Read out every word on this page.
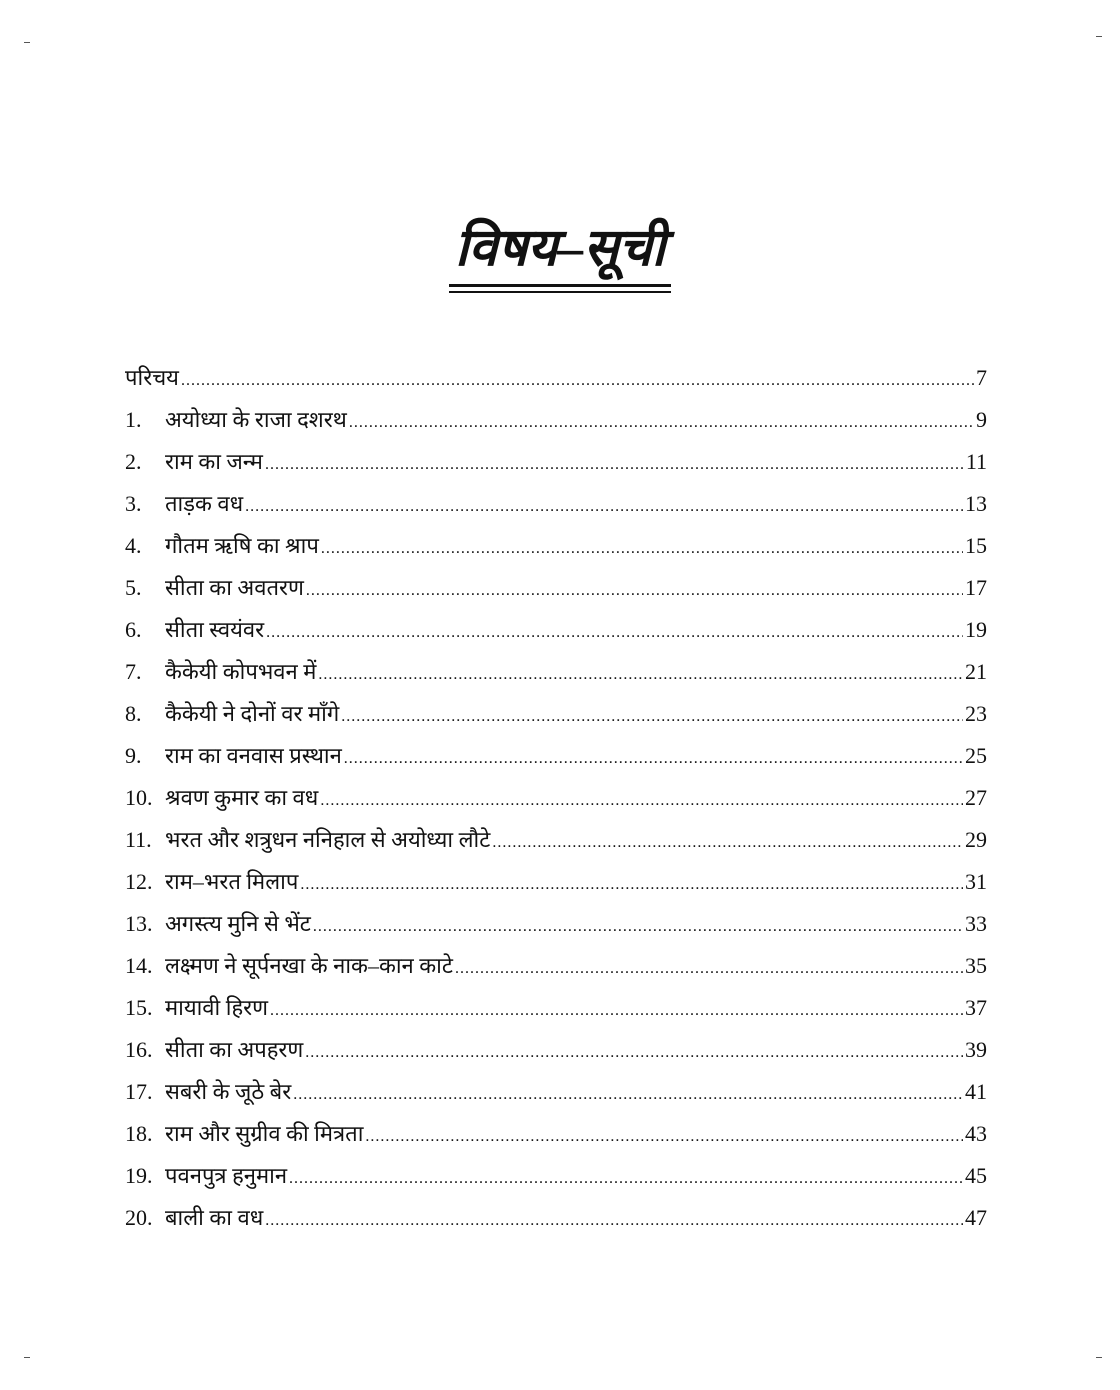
विषय–सूची
परिचय .....	7
1.	अयोध्या के राजा दशरथ .....	9
2.	राम का जन्म .....	11
3.	ताड़क वध .....	13
4.	गौतम ऋषि का श्राप .....	15
5.	सीता का अवतरण .....	17
6.	सीता स्वयंवर .....	19
7.	कैकेयी कोपभवन में .....	21
8.	कैकेयी ने दोनों वर माँगे .....	23
9.	राम का वनवास प्रस्थान .....	25
10. श्रवण कुमार का वध .....	27
11. भरत और शत्रुधन ननिहाल से अयोध्या लौटे .....	29
12. राम–भरत मिलाप .....	31
13. अगस्त्य मुनि से भेंट .....	33
14. लक्ष्मण ने सूर्पनखा के नाक–कान काटे .....	35
15. मायावी हिरण .....	37
16. सीता का अपहरण .....	39
17. सबरी के जूठे बेर .....	41
18. राम और सुग्रीव की मित्रता .....	43
19. पवनपुत्र हनुमान .....	45
20. बाली का वध .....	47
